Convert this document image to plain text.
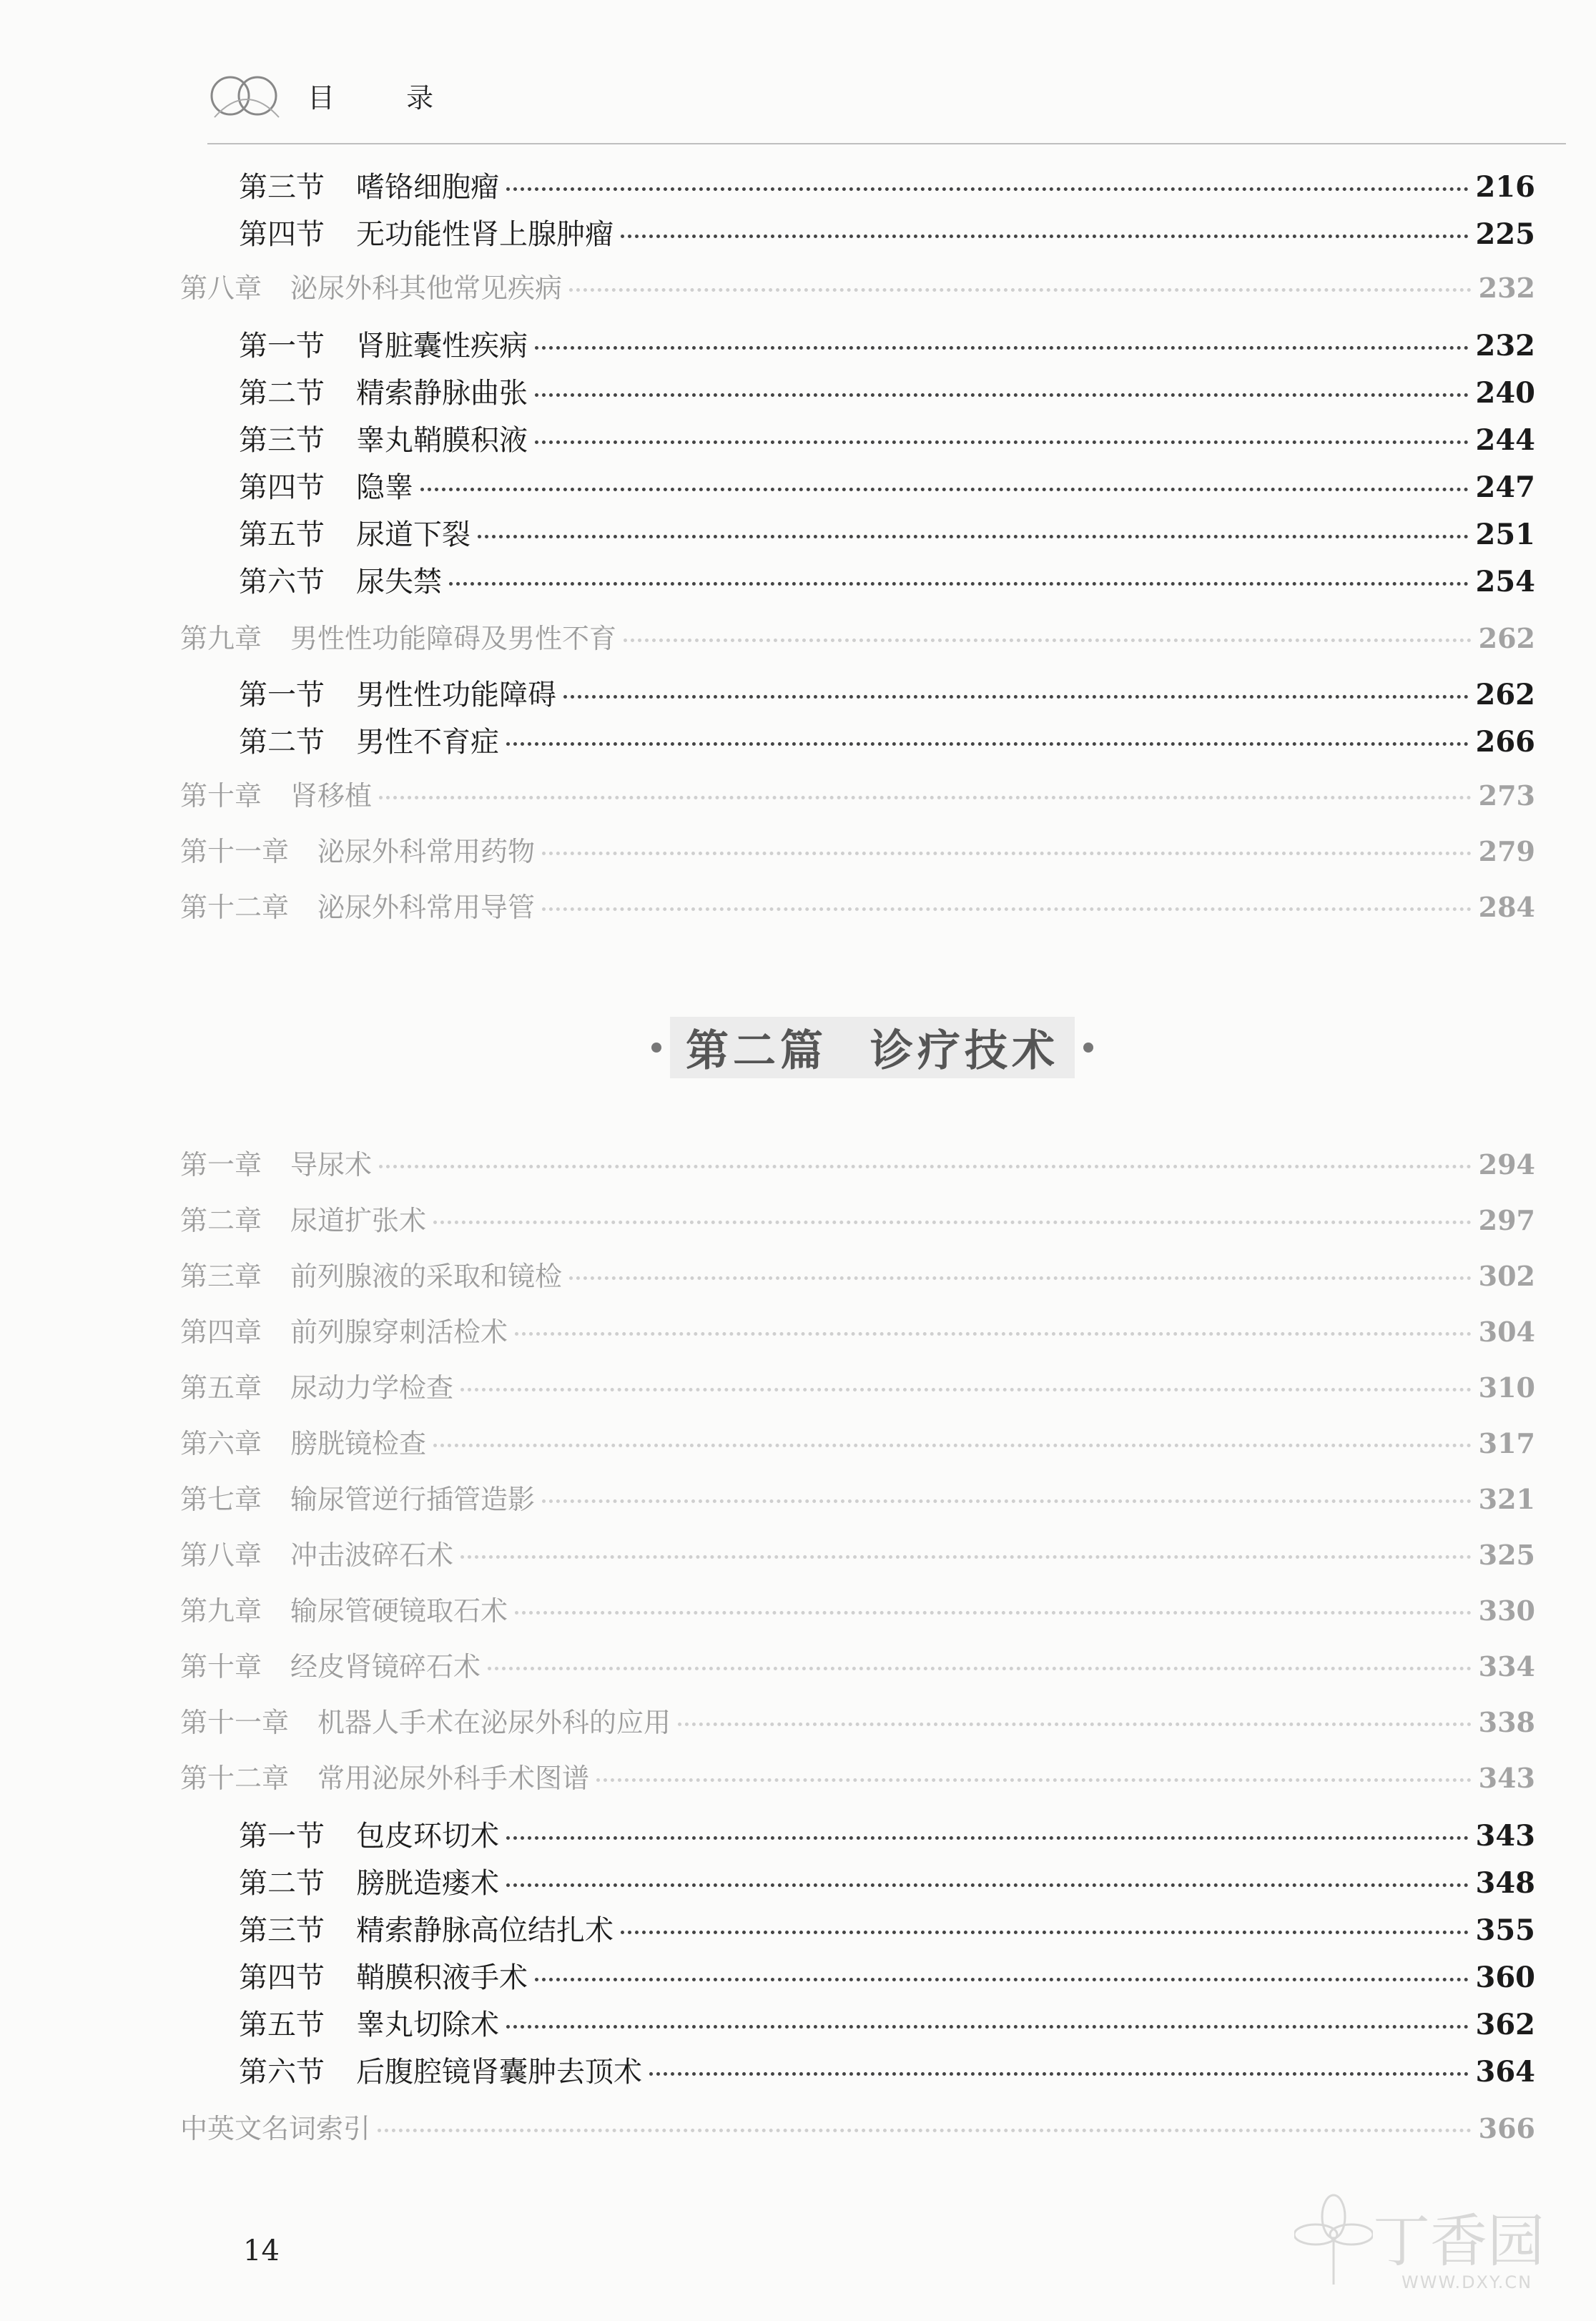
目 录
第三节 嗜铬细胞瘤	216
第四节 无功能性肾上腺肿瘤	225
第八章 泌尿外科其他常见疾病	232
第一节 肾脏囊性疾病	232
第二节 精索静脉曲张	240
第三节 睾丸鞘膜积液	244
第四节 隐睾	247
第五节 尿道下裂	251
第六节 尿失禁	254
第九章 男性性功能障碍及男性不育	262
第一节 男性性功能障碍	262
第二节 男性不育症	266
第十章 肾移植	273
第十一章 泌尿外科常用药物	279
第十二章 泌尿外科常用导管	284
第二篇 诊疗技术
第一章 导尿术	294
第二章 尿道扩张术	297
第三章 前列腺液的采取和镜检	302
第四章 前列腺穿刺活检术	304
第五章 尿动力学检查	310
第六章 膀胱镜检查	317
第七章 输尿管逆行插管造影	321
第八章 冲击波碎石术	325
第九章 输尿管硬镜取石术	330
第十章 经皮肾镜碎石术	334
第十一章 机器人手术在泌尿外科的应用	338
第十二章 常用泌尿外科手术图谱	343
第一节 包皮环切术	343
第二节 膀胱造瘘术	348
第三节 精索静脉高位结扎术	355
第四节 鞘膜积液手术	360
第五节 睾丸切除术	362
第六节 后腹腔镜肾囊肿去顶术	364
中英文名词索引	366
14	丁香园
WWW.DXY.CN
